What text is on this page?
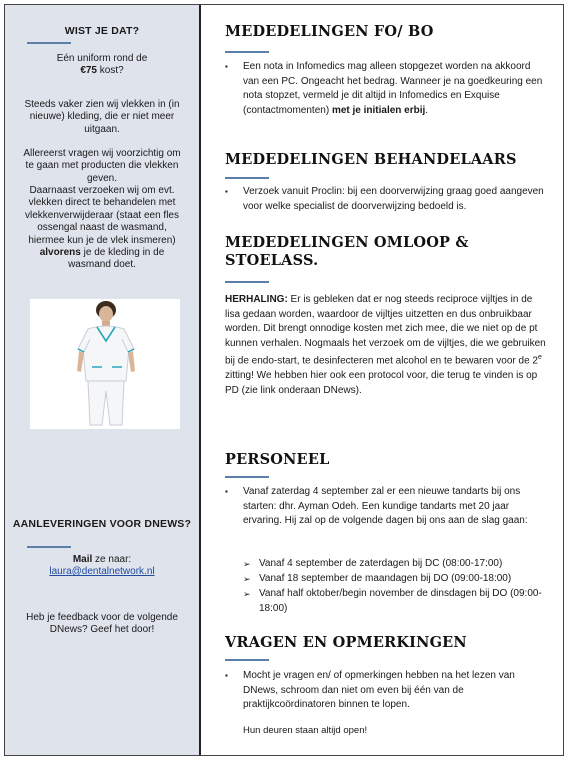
WIST JE DAT?
Eén uniform rond de
€75 kost?
Steeds vaker zien wij vlekken in (in nieuwe) kleding, die er niet meer uitgaan.
Allereerst vragen wij voorzichtig om te gaan met producten die vlekken geven.
Daarnaast verzoeken wij om evt. vlekken direct te behandelen met vlekkenverwijderaar (staat een fles ossengal naast de wasmand, hiermee kun je de vlek insmeren) alvorens je de kleding in de wasmand doet.
AANLEVERINGEN VOOR DNEWS?
Mail ze naar:
laura@dentalnetwork.nl
Heb je feedback voor de volgende DNews? Geef het door!
MEDEDELINGEN FO/ BO
▪	Een nota in Infomedics mag alleen stopgezet worden na akkoord van een PC. Ongeacht het bedrag. Wanneer je na goedkeuring een nota stopzet, vermeld je dit altijd in Infomedics en Exquise (contactmomenten) met je initialen erbij.
MEDEDELINGEN BEHANDELAARS
▪	Verzoek vanuit Proclin: bij een doorverwijzing graag goed aangeven voor welke specialist de doorverwijzing bedoeld is.
MEDEDELINGEN OMLOOP & STOELASS.
HERHALING: Er is gebleken dat er nog steeds reciproce vijltjes in de lisa gedaan worden, waardoor de vijltjes uitzetten en dus onbruikbaar worden. Dit brengt onnodige kosten met zich mee, die we niet op de pt kunnen verhalen. Nogmaals het verzoek om de vijltjes, die we gebruiken bij de endo-start, te desinfecteren met alcohol en te bewaren voor de 2e zitting! We hebben hier ook een protocol voor, die terug te vinden is op PD (zie link onderaan DNews).
PERSONEEL
▪	Vanaf zaterdag 4 september zal er een nieuwe tandarts bij ons starten: dhr. Ayman Odeh. Een kundige tandarts met 20 jaar ervaring. Hij zal op de volgende dagen bij ons aan de slag gaan:
➢ Vanaf 4 september de zaterdagen bij DC (08:00-17:00)
➢ Vanaf 18 september de maandagen bij DO (09:00-18:00)
➢ Vanaf half oktober/begin november de dinsdagen bij DO (09:00-18:00)
VRAGEN EN OPMERKINGEN
▪	Mocht je vragen en/ of opmerkingen hebben na het lezen van DNews, schroom dan niet om even bij één van de praktijkcoördinatoren binnen te lopen.
Hun deuren staan altijd open!
